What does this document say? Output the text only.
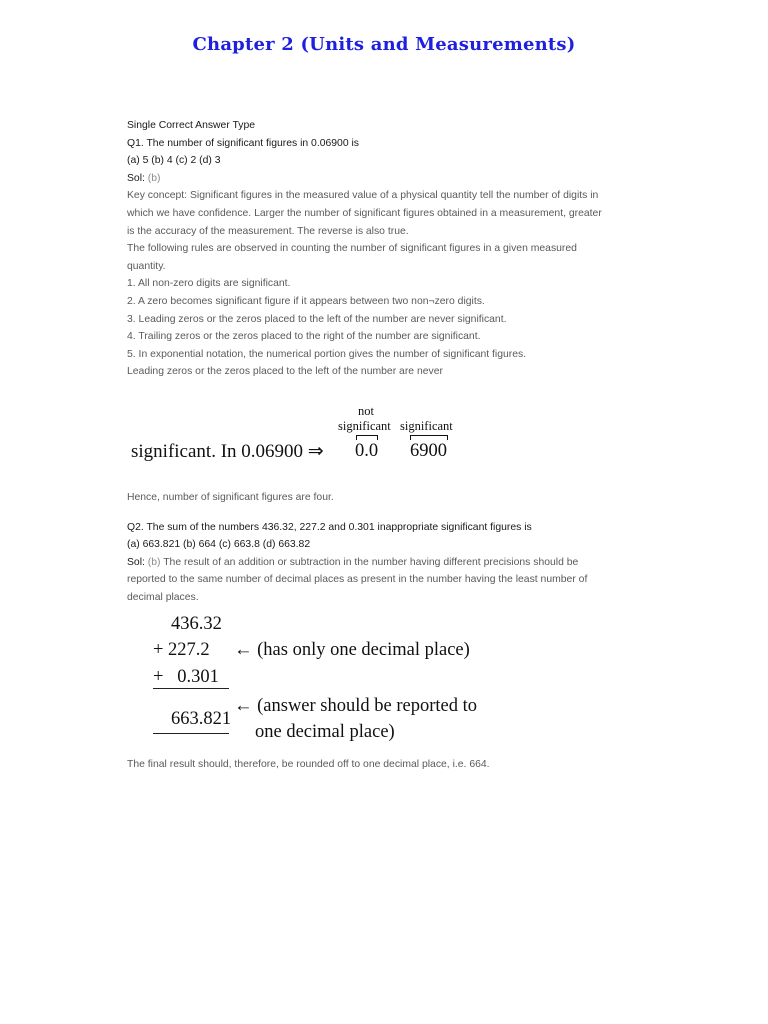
Chapter 2 (Units and Measurements)
Single Correct Answer Type
Q1. The number of significant figures in 0.06900 is
(a) 5 (b) 4 (c) 2 (d) 3
Sol: (b)
Key concept: Significant figures in the measured value of a physical quantity tell the number of digits in which we have confidence. Larger the number of significant figures obtained in a measurement, greater is the accuracy of the measurement. The reverse is also true.
The following rules are observed in counting the number of significant figures in a given measured quantity.
1. All non-zero digits are significant.
2. A zero becomes significant figure if it appears between two non¬zero digits.
3. Leading zeros or the zeros placed to the left of the number are never significant.
4. Trailing zeros or the zeros placed to the right of the number are significant.
5. In exponential notation, the numerical portion gives the number of significant figures.
Leading zeros or the zeros placed to the left of the number are never
significant. In 0.06900 ⇒
not
significant significant
0.0 6900
Hence, number of significant figures are four.
Q2. The sum of the numbers 436.32, 227.2 and 0.301 inappropriate significant figures is
(a) 663.821 (b) 664 (c) 663.8 (d) 663.82
Sol: (b) The result of an addition or subtraction in the number having different precisions should be reported to the same number of decimal places as present in the number having the least number of decimal places.
436.32
+ 227.2 ← (has only one decimal place)
+   0.301
663.821
← (answer should be reported to
one decimal place)
The final result should, therefore, be rounded off to one decimal place, i.e. 664.
